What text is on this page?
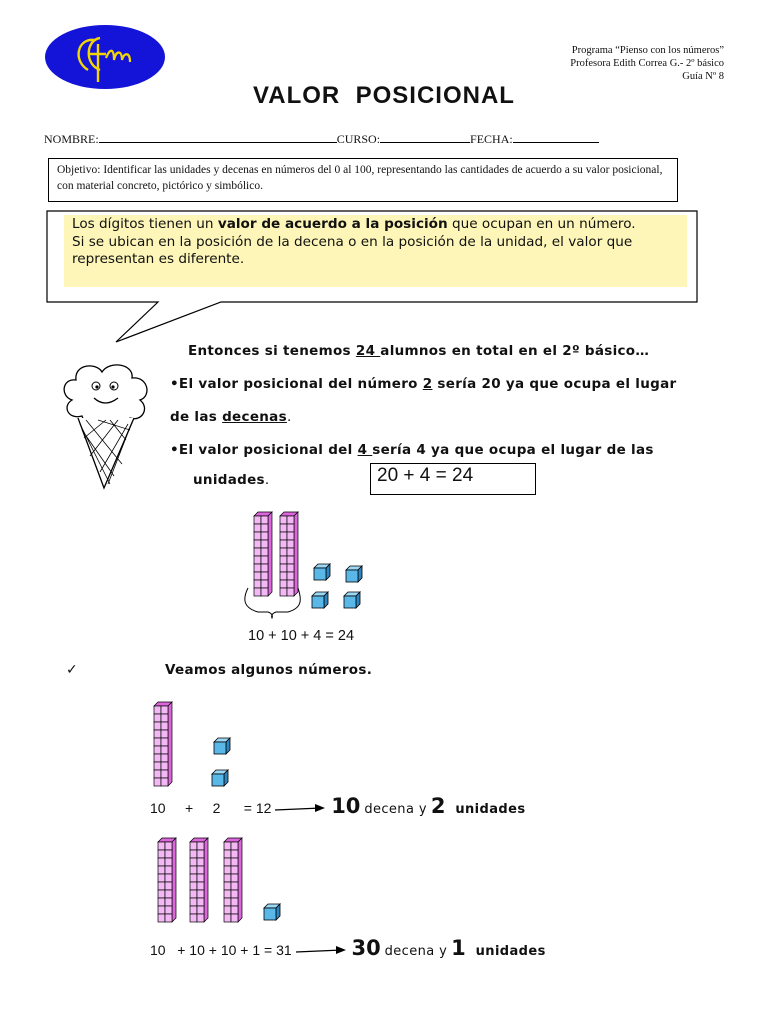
Cfm
Programa “Pienso con los números”
Profesora Edith Correa G.- 2º básico
Guía Nº 8
VALOR  POSICIONAL
NOMBRE:	CURSO:	FECHA:
Objetivo: Identificar las unidades y decenas en números del 0 al 100, representando las cantidades de acuerdo a su valor posicional, con material concreto, pictórico y simbólico.
Los dígitos tienen un valor de acuerdo a la posición que ocupan en un número.
Si se ubican en la posición de la decena o en la posición de la unidad, el valor que representan es diferente.
Entonces si tenemos 24 alumnos en total en el 2º básico…
•El valor posicional del número 2 sería 20 ya que ocupa el lugar
de las decenas.
•El valor posicional del 4 sería 4 ya que ocupa el lugar de las
unidades.	20 + 4 = 24
10 + 10 + 4 = 24
✓	Veamos algunos números.
10     +     2      = 12	10 decena y 2 unidades
10   + 10 + 10 + 1 = 31	30 decena y 1 unidades
